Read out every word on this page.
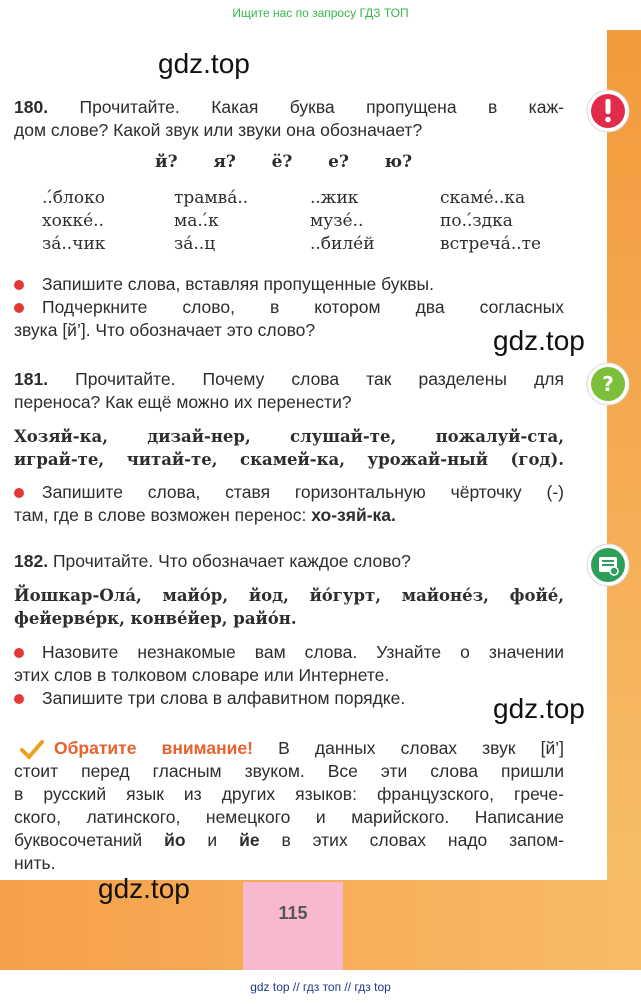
Ищите нас по запросу ГДЗ ТОП
gdz.top
gdz.top
gdz.top
gdz.top
180. Прочитайте. Какая буква пропущена в каж-
дом слове? Какой звук или звуки она обозначает?
й?   я?   ё?   е?   ю?
..́блоко	трамва́..	..жик	скаме́..ка
хокке́..	ма..́к	музе́..	по..́здка
за́..чик	за́..ц	..биле́й	встреча́..те
Запишите слова, вставляя пропущенные буквы.
Подчеркните слово, в котором два согласных
звука [й’]. Что обозначает это слово?
181. Прочитайте. Почему слова так разделены для
переноса? Как ещё можно их перенести?
Хозяй-ка, дизай-нер, слушай-те, пожалуй-ста,
играй-те, читай-те, скамей-ка, урожай-ный (год).
Запишите слова, ставя горизонтальную чёрточку (-)
там, где в слове возможен перенос: хо-зяй-ка.
182. Прочитайте. Что обозначает каждое слово?
Йошкар-Ола́, майо́р, йод, йо́гурт, майоне́з, фойе́,
фейерве́рк, конве́йер, райо́н.
Назовите незнакомые вам слова. Узнайте о значении
этих слов в толковом словаре или Интернете.
Запишите три слова в алфавитном порядке.
Обратите внимание! В данных словах звук [й’]
стоит перед гласным звуком. Все эти слова пришли
в русский язык из других языков: французского, грече-
ского, латинского, немецкого и марийского. Написание
буквосочетаний йо и йе в этих словах надо запом-
нить.
?
115
gdz top // гдз топ // гдз top
